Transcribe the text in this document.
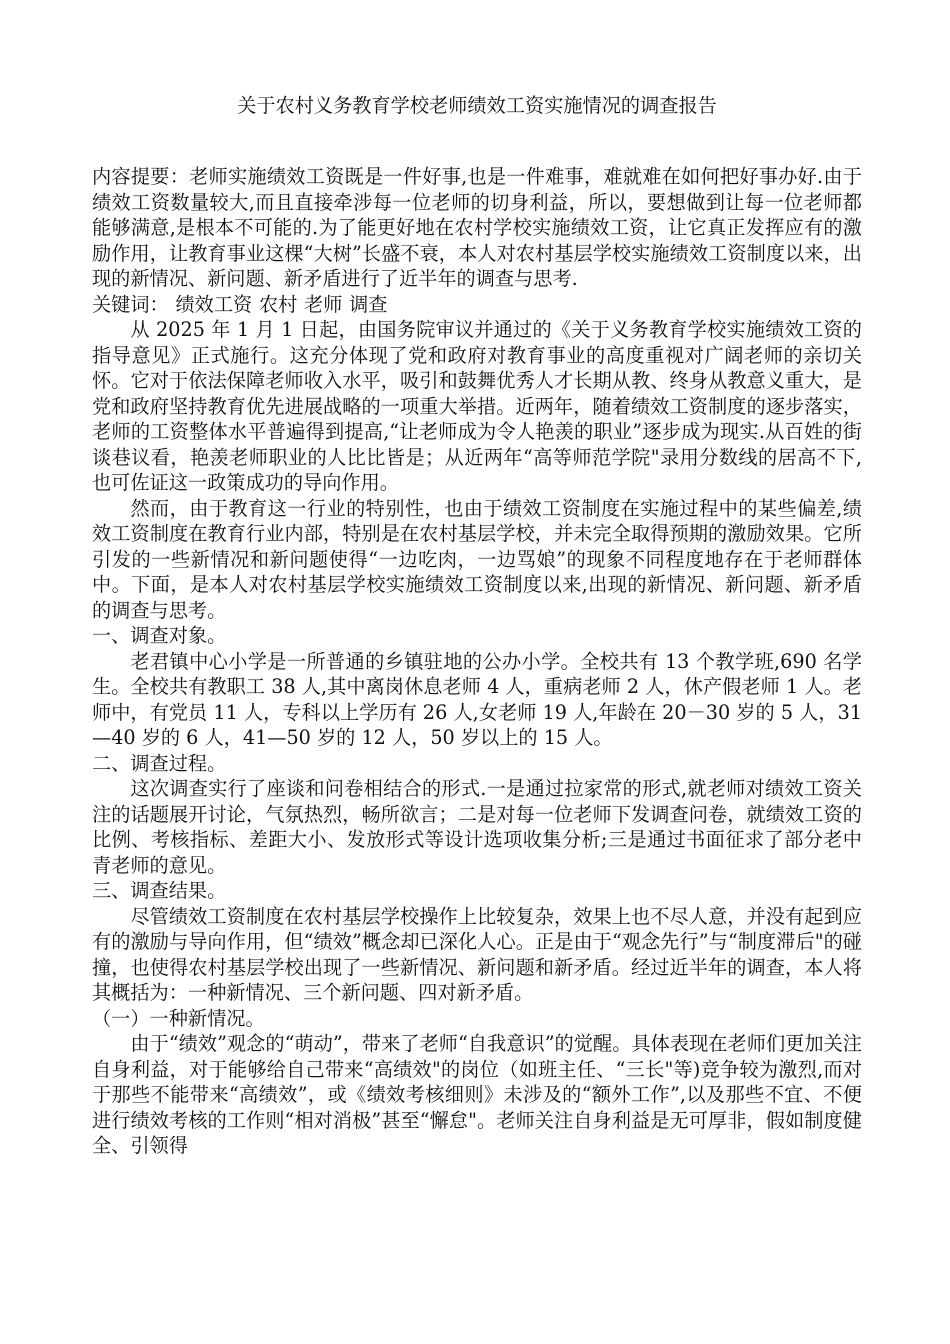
关于农村义务教育学校老师绩效工资实施情况的调查报告

内容提要：老师实施绩效工资既是一件好事,也是一件难事，难就难在如何把好事办好.由于绩效工资数量较大,而且直接牵涉每一位老师的切身利益，所以，要想做到让每一位老师都能够满意,是根本不可能的.为了能更好地在农村学校实施绩效工资，让它真正发挥应有的激励作用，让教育事业这棵“大树”长盛不衰，本人对农村基层学校实施绩效工资制度以来，出现的新情况、新问题、新矛盾进行了近半年的调查与思考.

关键词： 绩效工资 农村 老师 调查

从 2025 年 1 月 1 日起，由国务院审议并通过的《关于义务教育学校实施绩效工资的指导意见》正式施行。这充分体现了党和政府对教育事业的高度重视对广阔老师的亲切关怀。它对于依法保障老师收入水平，吸引和鼓舞优秀人才长期从教、终身从教意义重大，是党和政府坚持教育优先进展战略的一项重大举措。近两年，随着绩效工资制度的逐步落实，老师的工资整体水平普遍得到提高,“让老师成为令人艳羡的职业”逐步成为现实.从百姓的街谈巷议看，艳羡老师职业的人比比皆是；从近两年“高等师范学院"录用分数线的居高不下,也可佐证这一政策成功的导向作用。

然而，由于教育这一行业的特别性，也由于绩效工资制度在实施过程中的某些偏差,绩效工资制度在教育行业内部，特别是在农村基层学校，并未完全取得预期的激励效果。它所引发的一些新情况和新问题使得“一边吃肉，一边骂娘”的现象不同程度地存在于老师群体中。下面，是本人对农村基层学校实施绩效工资制度以来,出现的新情况、新问题、新矛盾的调查与思考。

一、调查对象。

老君镇中心小学是一所普通的乡镇驻地的公办小学。全校共有 13 个教学班,690 名学生。全校共有教职工 38 人,其中离岗休息老师 4 人，重病老师 2 人，休产假老师 1 人。老师中，有党员 11 人，专科以上学历有 26 人,女老师 19 人,年龄在 20－30 岁的 5 人，31—40 岁的 6 人，41—50 岁的 12 人，50 岁以上的 15 人。

二、调查过程。

这次调查实行了座谈和问卷相结合的形式.一是通过拉家常的形式,就老师对绩效工资关注的话题展开讨论，气氛热烈，畅所欲言；二是对每一位老师下发调查问卷，就绩效工资的比例、考核指标、差距大小、发放形式等设计选项收集分析;三是通过书面征求了部分老中青老师的意见。

三、调查结果。

尽管绩效工资制度在农村基层学校操作上比较复杂，效果上也不尽人意，并没有起到应有的激励与导向作用，但“绩效”概念却已深化人心。正是由于“观念先行”与“制度滞后"的碰撞，也使得农村基层学校出现了一些新情况、新问题和新矛盾。经过近半年的调查，本人将其概括为：一种新情况、三个新问题、四对新矛盾。

（一）一种新情况。

由于“绩效”观念的“萌动”，带来了老师“自我意识”的觉醒。具体表现在老师们更加关注自身利益，对于能够给自己带来“高绩效"的岗位（如班主任、“三长"等)竞争较为激烈,而对于那些不能带来“高绩效”，或《绩效考核细则》未涉及的“额外工作”,以及那些不宜、不便进行绩效考核的工作则“相对消极”甚至“懈怠"。老师关注自身利益是无可厚非，假如制度健全、引领得
